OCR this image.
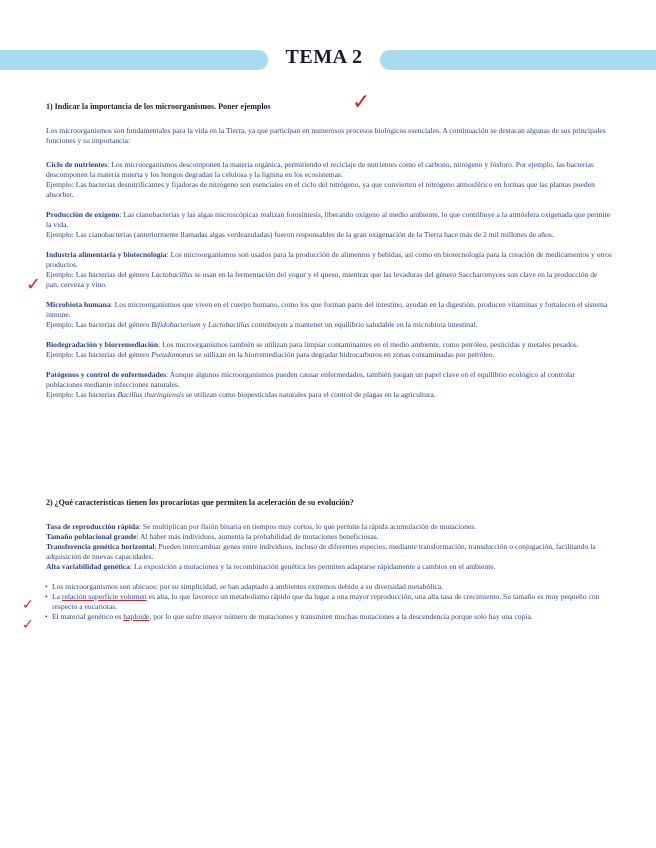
TEMA 2

1) Indicar la importancia de los microorganismos. Poner ejemplos

Los microorganismos son fundamentales para la vida en la Tierra, ya que participan en numerosos procesos biológicos esenciales. A continuación se destacan algunas de sus principales funciones y su importancia:

Ciclo de nutrientes: Los microorganismos descomponen la materia orgánica, permitiendo el reciclaje de nutrientes como el carbono, nitrógeno y fósforo. Por ejemplo, las bacterias descomponen la materia muerta y los hongos degradan la celulosa y la lignina en los ecosistemas.

Ejemplo: Las bacterias desnitrificantes y fijadoras de nitrógeno son esenciales en el ciclo del nitrógeno, ya que convierten el nitrógeno atmosférico en formas que las plantas pueden absorber.

Producción de oxígeno: Las cianobacterias y las algas microscópicas realizan fotosíntesis, liberando oxígeno al medio ambiente, lo que contribuye a la atmósfera oxigenada que permite la vida.

Ejemplo: Las cianobacterias (anteriormente llamadas algas verdeazuladas) fueron responsables de la gran oxigenación de la Tierra hace más de 2 mil millones de años.

Industria alimentaria y biotecnología: Los microorganismos son usados para la producción de alimentos y bebidas, así como en biotecnología para la creación de medicamentos y otros productos.

Ejemplo: Las bacterias del género Lactobacillus se usan en la fermentación del yogur y el queso, mientras que las levaduras del género Saccharomyces son clave en la producción de pan, cerveza y vino.

Microbiota humana: Los microorganismos que viven en el cuerpo humano, como los que forman parte del intestino, ayudan en la digestión, producen vitaminas y fortalecen el sistema inmune.

Ejemplo: Las bacterias del género Bifidobacterium y Lactobacillus contribuyen a mantener un equilibrio saludable en la microbiota intestinal.

Biodegradación y biorremediación: Los microorganismos también se utilizan para limpiar contaminantes en el medio ambiente, como petróleo, pesticidas y metales pesados.

Ejemplo: Las bacterias del género Pseudomonas se utilizan en la biorremediación para degradar hidrocarburos en zonas contaminadas por petróleo.

Patógenos y control de enfermedades: Aunque algunos microorganismos pueden causar enfermedades, también juegan un papel clave en el equilibrio ecológico al controlar poblaciones mediante infecciones naturales.

Ejemplo: Las bacterias Bacillus thuringiensis se utilizan como biopesticidas naturales para el control de plagas en la agricultura.

2) ¿Qué características tienen los procariotas que permiten la aceleración de su evolución?

Tasa de reproducción rápida: Se multiplican por fisión binaria en tiempos muy cortos, lo que permite la rápida acumulación de mutaciones.

Tamaño poblacional grande: Al haber más individuos, aumenta la probabilidad de mutaciones beneficiosas.

Transferencia genética horizontal: Pueden intercambiar genes entre individuos, incluso de diferentes especies, mediante transformación, transducción o conjugación, facilitando la adquisición de nuevas capacidades.

Alta variabilidad genética: La exposición a mutaciones y la recombinación genética les permiten adaptarse rápidamente a cambios en el ambiente.

• Los microorganismos son ubicuos: por su simplicidad, se han adaptado a ambientes extremos debido a su diversidad metabólica.
• La relación superficie volumen es alta, lo que favorece un metabolismo rápido que da lugar a una mayor reproducción, una alta tasa de crecimiento. Su tamaño es muy pequeño con respecto a eucariotas.
• El material genético es haploide, por lo que sufre mayor número de mutaciones y transmiten muchas mutaciones a la descendencia porque solo hay una copia.
✓
✓
✓
✓
